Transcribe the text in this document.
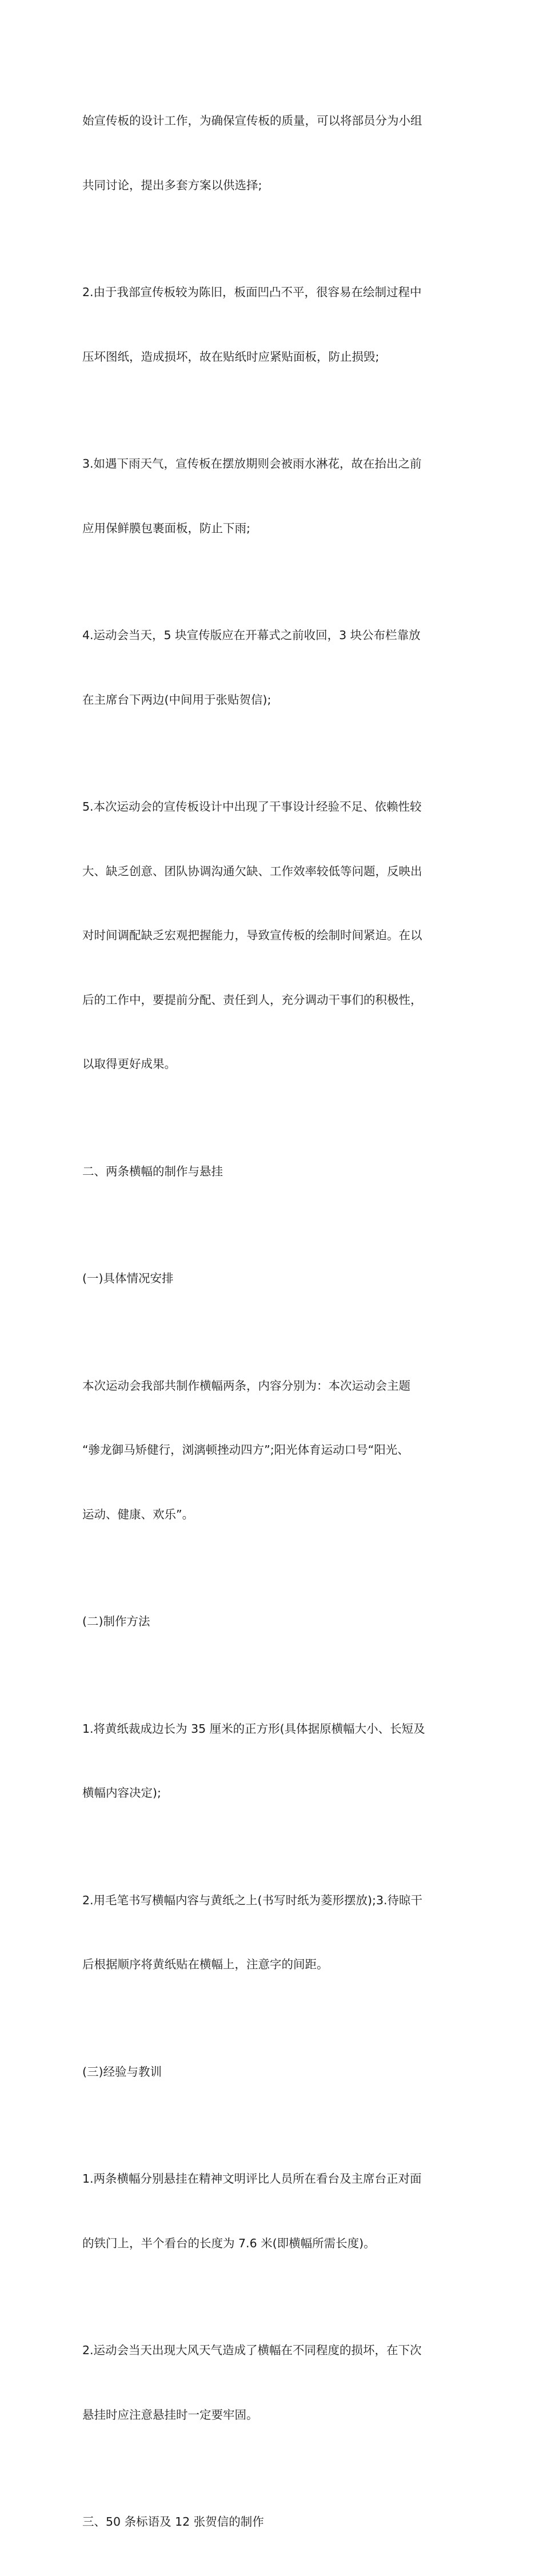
始宣传板的设计工作，为确保宣传板的质量，可以将部员分为小组

共同讨论，提出多套方案以供选择;

2.由于我部宣传板较为陈旧，板面凹凸不平，很容易在绘制过程中

压坏图纸，造成损坏，故在贴纸时应紧贴面板，防止损毁;

3.如遇下雨天气，宣传板在摆放期则会被雨水淋花，故在抬出之前

应用保鲜膜包裹面板，防止下雨;

4.运动会当天，5 块宣传版应在开幕式之前收回，3 块公布栏靠放

在主席台下两边(中间用于张贴贺信);

5.本次运动会的宣传板设计中出现了干事设计经验不足、依赖性较

大、缺乏创意、团队协调沟通欠缺、工作效率较低等问题，反映出

对时间调配缺乏宏观把握能力，导致宣传板的绘制时间紧迫。在以

后的工作中，要提前分配、责任到人，充分调动干事们的积极性，

以取得更好成果。

二、两条横幅的制作与悬挂

(一)具体情况安排

本次运动会我部共制作横幅两条，内容分别为：本次运动会主题

“骖龙御马矫健行，浏漓顿挫动四方”;阳光体育运动口号“阳光、

运动、健康、欢乐”。

(二)制作方法

1.将黄纸裁成边长为 35 厘米的正方形(具体据原横幅大小、长短及

横幅内容决定);

2.用毛笔书写横幅内容与黄纸之上(书写时纸为菱形摆放);3.待晾干

后根据顺序将黄纸贴在横幅上，注意字的间距。

(三)经验与教训

1.两条横幅分别悬挂在精神文明评比人员所在看台及主席台正对面

的铁门上，半个看台的长度为 7.6 米(即横幅所需长度)。

2.运动会当天出现大风天气造成了横幅在不同程度的损坏，在下次

悬挂时应注意悬挂时一定要牢固。

三、50 条标语及 12 张贺信的制作
